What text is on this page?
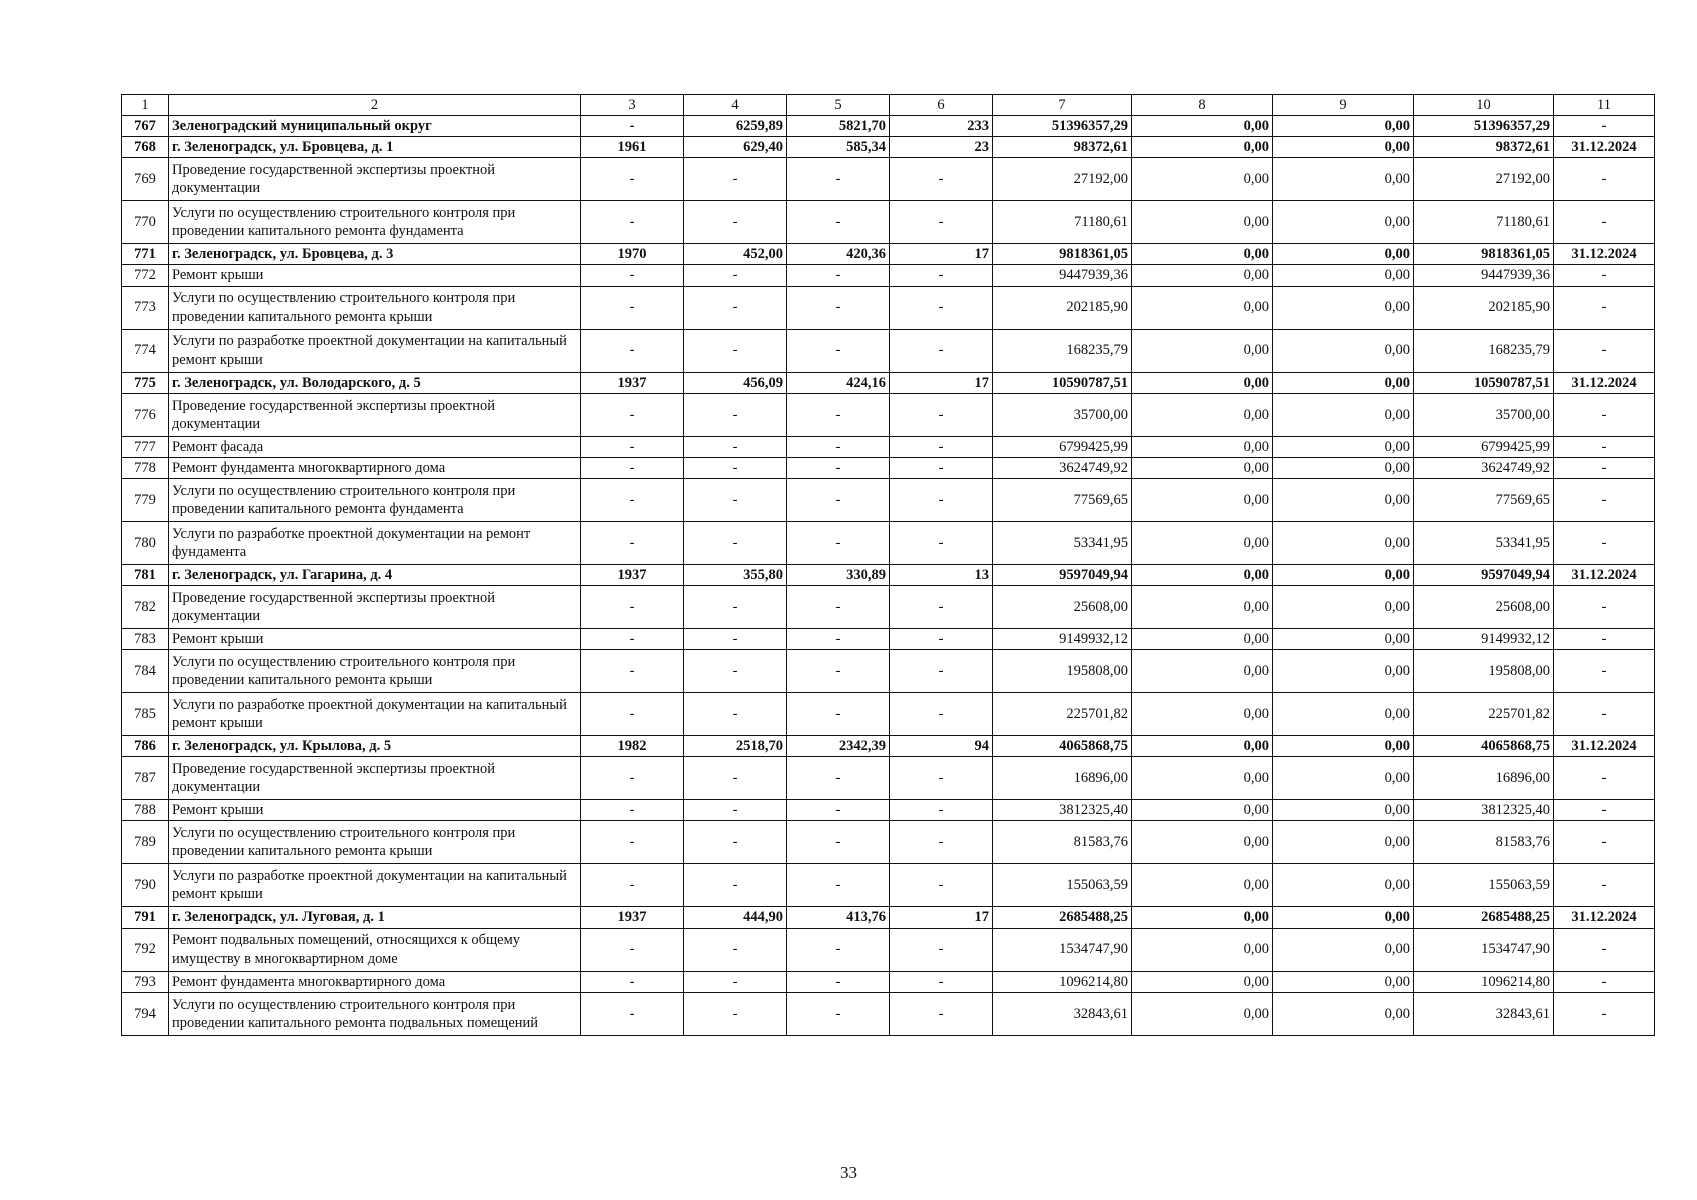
1	2	3	4	5	6	7	8	9	10	11
767	Зеленоградский муниципальный округ	-	6259,89	5821,70	233	51396357,29	0,00	0,00	51396357,29	-
768	г. Зеленоградск, ул. Бровцева, д. 1	1961	629,40	585,34	23	98372,61	0,00	0,00	98372,61	31.12.2024
769	Проведение государственной экспертизы проектной документации	-	-	-	-	27192,00	0,00	0,00	27192,00	-
770	Услуги по осуществлению строительного контроля при проведении капитального ремонта фундамента	-	-	-	-	71180,61	0,00	0,00	71180,61	-
771	г. Зеленоградск, ул. Бровцева, д. 3	1970	452,00	420,36	17	9818361,05	0,00	0,00	9818361,05	31.12.2024
772	Ремонт крыши	-	-	-	-	9447939,36	0,00	0,00	9447939,36	-
773	Услуги по осуществлению строительного контроля при проведении капитального ремонта крыши	-	-	-	-	202185,90	0,00	0,00	202185,90	-
774	Услуги по разработке проектной документации на капитальный ремонт крыши	-	-	-	-	168235,79	0,00	0,00	168235,79	-
775	г. Зеленоградск, ул. Володарского, д. 5	1937	456,09	424,16	17	10590787,51	0,00	0,00	10590787,51	31.12.2024
776	Проведение государственной экспертизы проектной документации	-	-	-	-	35700,00	0,00	0,00	35700,00	-
777	Ремонт фасада	-	-	-	-	6799425,99	0,00	0,00	6799425,99	-
778	Ремонт фундамента многоквартирного дома	-	-	-	-	3624749,92	0,00	0,00	3624749,92	-
779	Услуги по осуществлению строительного контроля при проведении капитального ремонта фундамента	-	-	-	-	77569,65	0,00	0,00	77569,65	-
780	Услуги по разработке проектной документации на ремонт фундамента	-	-	-	-	53341,95	0,00	0,00	53341,95	-
781	г. Зеленоградск, ул. Гагарина, д. 4	1937	355,80	330,89	13	9597049,94	0,00	0,00	9597049,94	31.12.2024
782	Проведение государственной экспертизы проектной документации	-	-	-	-	25608,00	0,00	0,00	25608,00	-
783	Ремонт крыши	-	-	-	-	9149932,12	0,00	0,00	9149932,12	-
784	Услуги по осуществлению строительного контроля при проведении капитального ремонта крыши	-	-	-	-	195808,00	0,00	0,00	195808,00	-
785	Услуги по разработке проектной документации на капитальный ремонт крыши	-	-	-	-	225701,82	0,00	0,00	225701,82	-
786	г. Зеленоградск, ул. Крылова, д. 5	1982	2518,70	2342,39	94	4065868,75	0,00	0,00	4065868,75	31.12.2024
787	Проведение государственной экспертизы проектной документации	-	-	-	-	16896,00	0,00	0,00	16896,00	-
788	Ремонт крыши	-	-	-	-	3812325,40	0,00	0,00	3812325,40	-
789	Услуги по осуществлению строительного контроля при проведении капитального ремонта крыши	-	-	-	-	81583,76	0,00	0,00	81583,76	-
790	Услуги по разработке проектной документации на капитальный ремонт крыши	-	-	-	-	155063,59	0,00	0,00	155063,59	-
791	г. Зеленоградск, ул. Луговая, д. 1	1937	444,90	413,76	17	2685488,25	0,00	0,00	2685488,25	31.12.2024
792	Ремонт подвальных помещений, относящихся к общему имуществу в многоквартирном доме	-	-	-	-	1534747,90	0,00	0,00	1534747,90	-
793	Ремонт фундамента многоквартирного дома	-	-	-	-	1096214,80	0,00	0,00	1096214,80	-
794	Услуги по осуществлению строительного контроля при проведении капитального ремонта подвальных помещений	-	-	-	-	32843,61	0,00	0,00	32843,61	-
33
